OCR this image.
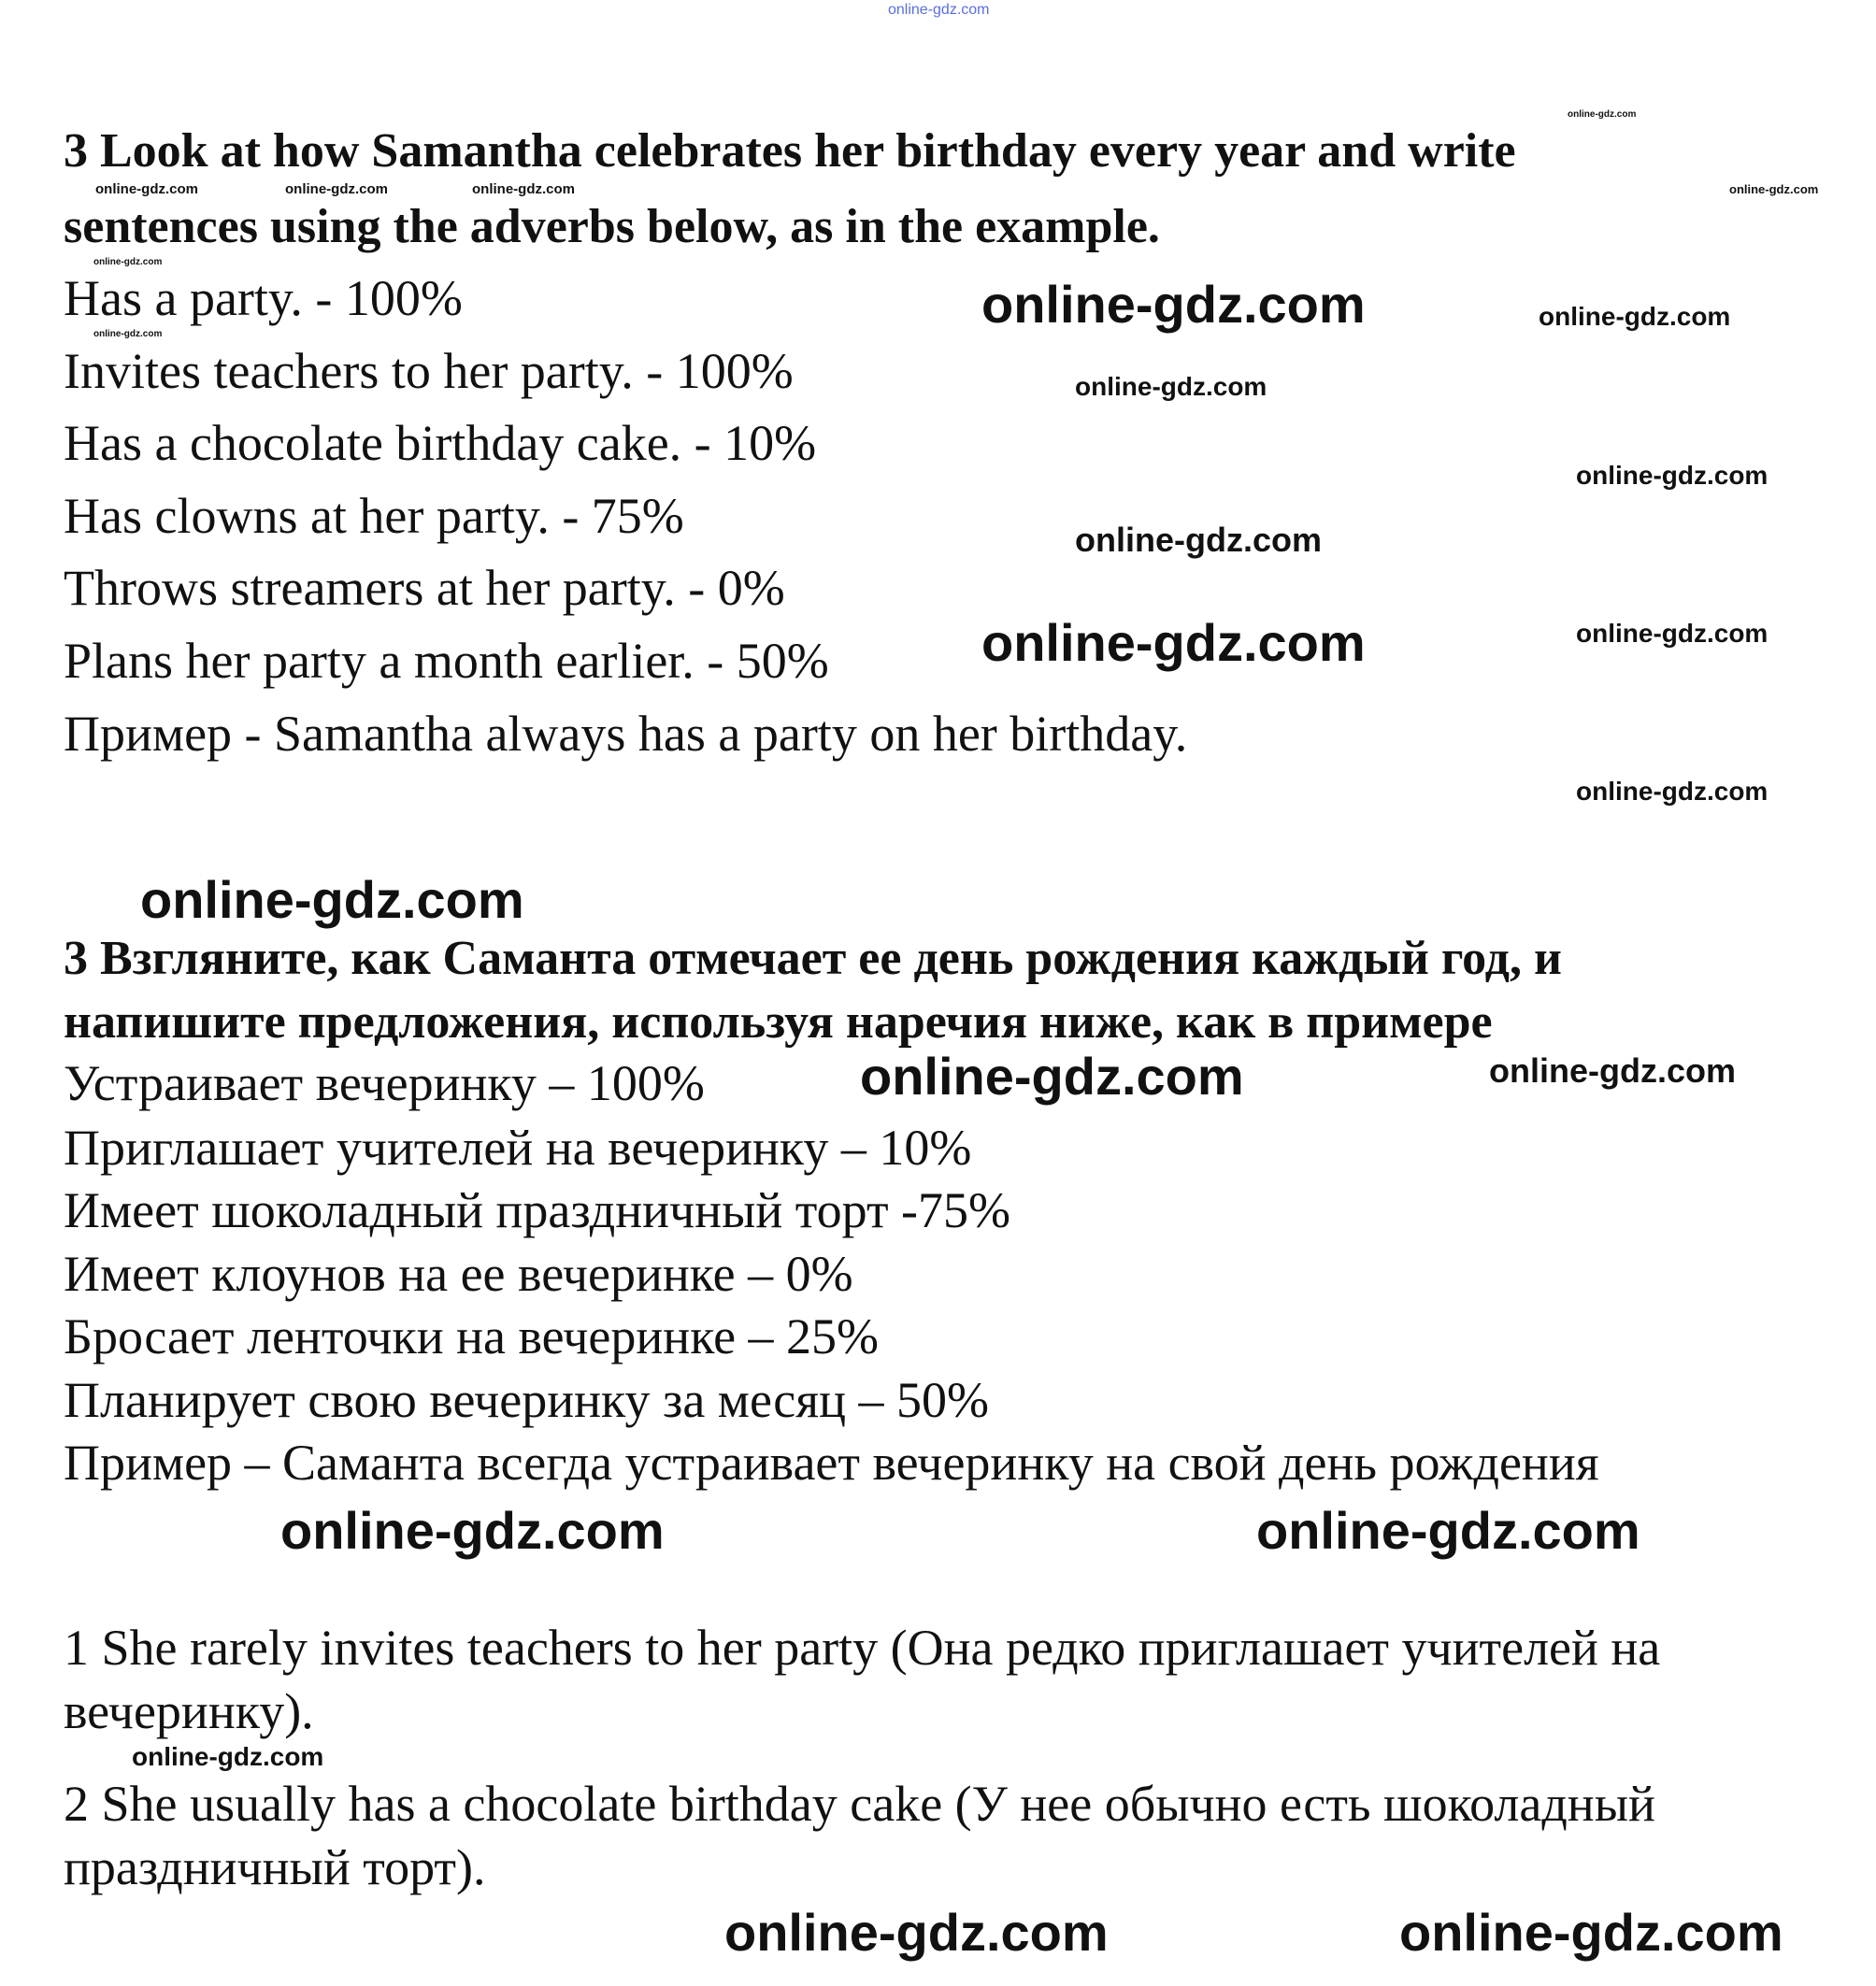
3 Look at how Samantha celebrates her birthday every year and write
sentences using the adverbs below, as in the example.
Has a party. - 100%
Invites teachers to her party. - 100%
Has a chocolate birthday cake. - 10%
Has clowns at her party. - 75%
Throws streamers at her party. - 0%
Plans her party a month earlier. - 50%
Пример - Samantha always has a party on her birthday.
3 Взгляните, как Саманта отмечает ее день рождения каждый год, и
напишите предложения, используя наречия ниже, как в примере
Устраивает вечеринку – 100%
Приглашает учителей на вечеринку – 10%
Имеет шоколадный праздничный торт -75%
Имеет клоунов на ее вечеринке – 0%
Бросает ленточки на вечеринке – 25%
Планирует свою вечеринку за месяц – 50%
Пример – Саманта всегда устраивает вечеринку на свой день рождения
1 She rarely invites teachers to her party (Она редко приглашает учителей на
вечеринку).
2 She usually has a chocolate birthday cake (У нее обычно есть шоколадный
праздничный торт).
online-gdz.com
online-gdz.com	online-gdz.com	online-gdz.com
online-gdz.com
online-gdz.com
online-gdz.com
online-gdz.com
online-gdz.com
online-gdz.com
online-gdz.com
online-gdz.com
online-gdz.com
online-gdz.com
online-gdz.com
online-gdz.com
online-gdz.com
online-gdz.com
online-gdz.com
online-gdz.com
online-gdz.com	online-gdz.com
online-gdz.com	online-gdz.com
